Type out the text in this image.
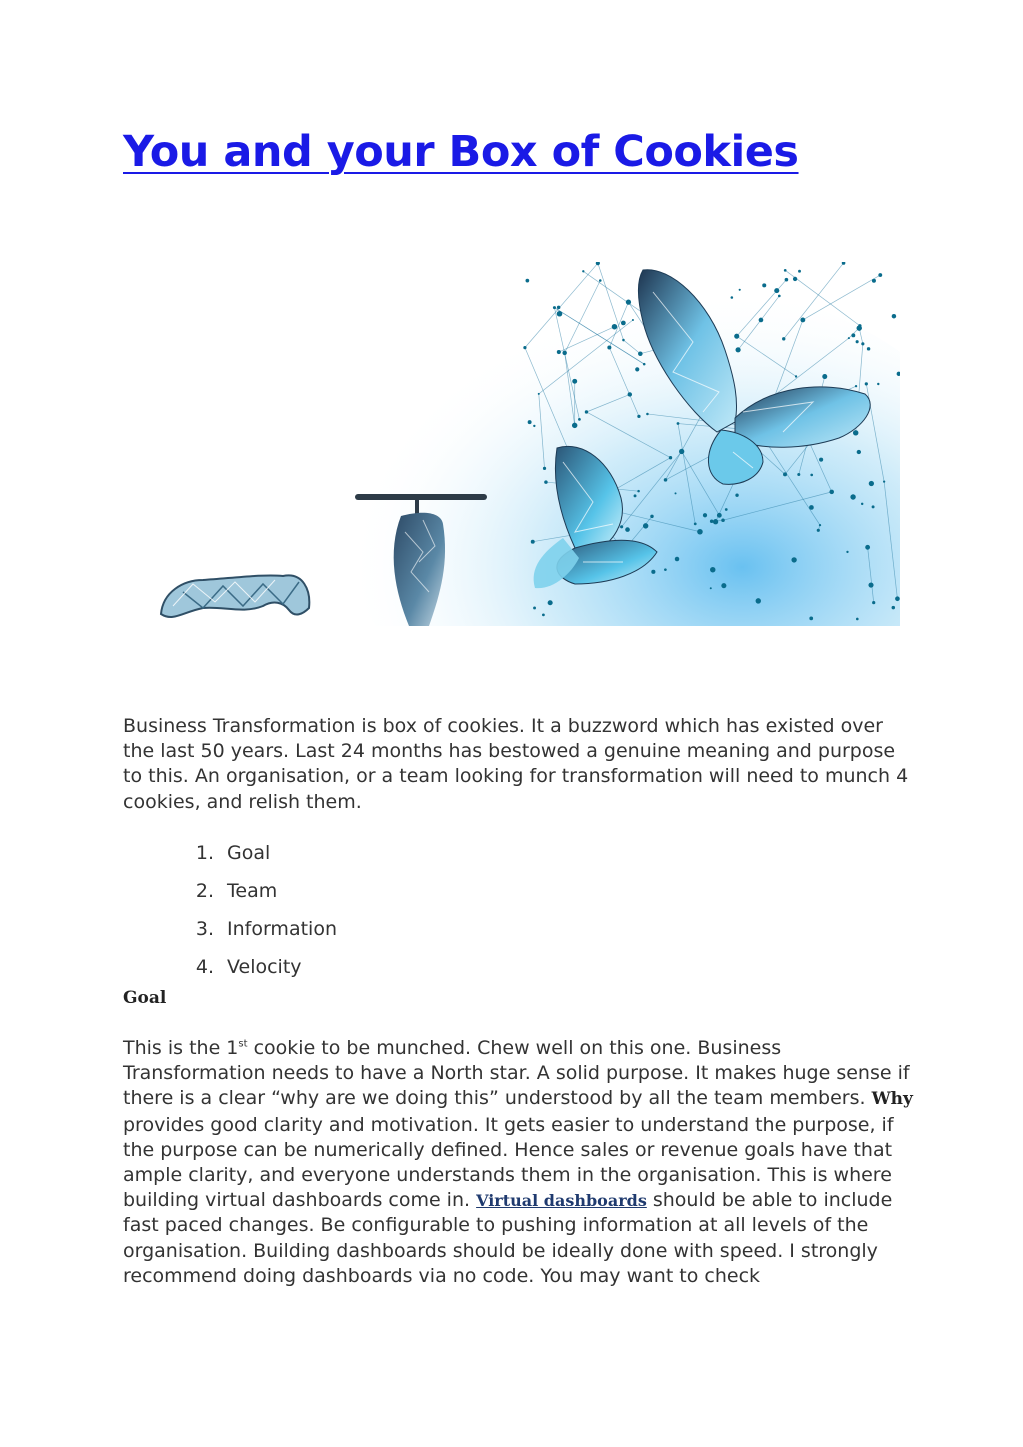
You and your Box of Cookies

Business Transformation is box of cookies. It a buzzword which has existed over the last 50 years. Last 24 months has bestowed a genuine meaning and purpose to this. An organisation, or a team looking for transformation will need to munch 4 cookies, and relish them.

1. Goal
2. Team
3. Information
4. Velocity
Goal

This is the 1st cookie to be munched. Chew well on this one. Business Transformation needs to have a North star. A solid purpose. It makes huge sense if there is a clear “why are we doing this” understood by all the team members. Why provides good clarity and motivation. It gets easier to understand the purpose, if the purpose can be numerically defined. Hence sales or revenue goals have that ample clarity, and everyone understands them in the organisation. This is where building virtual dashboards come in. Virtual dashboards should be able to include fast paced changes. Be configurable to pushing information at all levels of the organisation. Building dashboards should be ideally done with speed. I strongly recommend doing dashboards via no code. You may want to check
